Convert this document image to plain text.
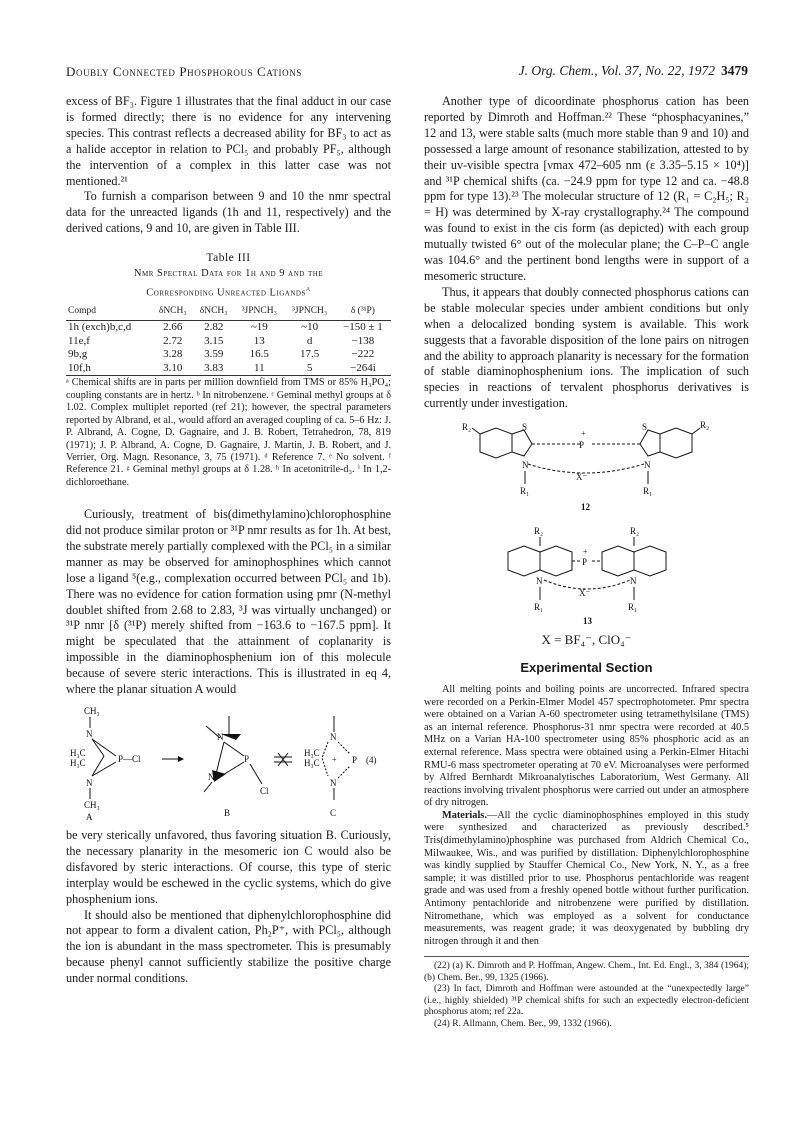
Doubly Connected Phosphorous Cations	J. Org. Chem., Vol. 37, No. 22, 1972 3479

excess of BF₃. Figure 1 illustrates that the final adduct in our case is formed directly; there is no evidence for any intervening species. This contrast reflects a decreased ability for BF₃ to act as a halide acceptor in relation to PCl₅ and probably PF₅, although the intervention of a complex in this latter case was not mentioned.²¹

To furnish a comparison between 9 and 10 the nmr spectral data for the unreacted ligands (1h and 11, respectively) and the derived cations, 9 and 10, are given in Table III.

Table III
Nmr Spectral Data for 1h and 9 and the
Corresponding Unreacted Ligands$^a$
Compd	δNCH₃	δNCH₃	³JPNCH₃	³JPNCH₃	δ (³¹P)
1h (exch)b,c,d	2.66	2.82	~19	~10	−150 ± 1
11e,f	2.72	3.15	13	d	−138
9b,g	3.28	3.59	16.5	17.5	−222
10f,h	3.10	3.83	11	5	−264i

ᵃ Chemical shifts are in parts per million downfield from TMS or 85% H₃PO₄; coupling constants are in hertz. ᵇ In nitrobenzene. ᶜ Geminal methyl groups at δ 1.02. Complex multiplet reported (ref 21); however, the spectral parameters reported by Albrand, et al., would afford an averaged coupling of ca. 5–6 Hz: J. P. Albrand, A. Cogne, D. Gagnaire, and J. B. Robert, Tetrahedron, 78, 819 (1971); J. P. Albrand, A. Cogne, D. Gagnaire, J. Martin, J. B. Robert, and J. Verrier, Org. Magn. Resonance, 3, 75 (1971). ᵈ Reference 7. ᵉ No solvent. ᶠ Reference 21. ᵍ Geminal methyl groups at δ 1.28. ʰ In acetonitrile-d₃. ⁱ In 1,2-dichloroethane.

Curiously, treatment of bis(dimethylamino)chlorophosphine did not produce similar proton or ³¹P nmr results as for 1h. At best, the substrate merely partially complexed with the PCl₅ in a similar manner as may be observed for aminophosphines which cannot lose a ligand ⁵(e.g., complexation occurred between PCl₅ and 1b). There was no evidence for cation formation using pmr (N-methyl doublet shifted from 2.68 to 2.83, ³J was virtually unchanged) or ³¹P nmr [δ (³¹P) merely shifted from −163.6 to −167.5 ppm]. It might be speculated that the attainment of coplanarity is impossible in the diaminophosphenium ion of this molecule because of severe steric interactions. This is illustrated in eq 4, where the planar situation A would

CH₃
N
H₃C
H₃C	P—Cl
N
CH₃
A
N
N
P
Cl
B
N
H₃C
H₃C + P (4)
N
C

be very sterically unfavored, thus favoring situation B. Curiously, the necessary planarity in the mesomeric ion C would also be disfavored by steric interactions. Of course, this type of steric interplay would be eschewed in the cyclic systems, which do give phosphenium ions.

It should also be mentioned that diphenylchlorophosphine did not appear to form a divalent cation, Ph₂P⁺, with PCl₅, although the ion is abundant in the mass spectrometer. This is presumably because phenyl cannot sufficiently stabilize the positive charge under normal conditions.

Another type of dicoordinate phosphorus cation has been reported by Dimroth and Hoffman.²² These “phosphacyanines,” 12 and 13, were stable salts (much more stable than 9 and 10) and possessed a large amount of resonance stabilization, attested to by their uv-visible spectra [νmax 472–605 nm (ε 3.35–5.15 × 10⁴)] and ³¹P chemical shifts (ca. −24.9 ppm for type 12 and ca. −48.8 ppm for type 13).²³ The molecular structure of 12 (R₁ = C₂H₅; R₂ = H) was determined by X-ray crystallography.²⁴ The compound was found to exist in the cis form (as depicted) with each group mutually twisted 6° out of the molecular plane; the C–P–C angle was 104.6° and the pertinent bond lengths were in support of a mesomeric structure.

Thus, it appears that doubly connected phosphorus cations can be stable molecular species under ambient conditions but only when a delocalized bonding system is available. This work suggests that a favorable disposition of the lone pairs on nitrogen and the ability to approach planarity is necessary for the formation of stable diaminophosphenium ions. The implication of such species in reactions of tervalent phosphorus derivatives is currently under investigation.

R₂	S
+
P
S	R₂
N	N
X⁻
R₁	R₁
12
R₂
+
P
R₂
N	N
X⁻
R₁	R₁
13
X = BF₄⁻, ClO₄⁻
Experimental Section

All melting points and boiling points are uncorrected. Infrared spectra were recorded on a Perkin-Elmer Model 457 spectrophotometer. Pmr spectra were obtained on a Varian A-60 spectrometer using tetramethylsilane (TMS) as an internal reference. Phosphorus-31 nmr spectra were recorded at 40.5 MHz on a Varian HA-100 spectrometer using 85% phosphoric acid as an external reference. Mass spectra were obtained using a Perkin-Elmer Hitachi RMU-6 mass spectrometer operating at 70 eV. Microanalyses were performed by Alfred Bernhardt Mikroanalytisches Laboratorium, West Germany. All reactions involving trivalent phosphorus were carried out under an atmosphere of dry nitrogen.

Materials.—All the cyclic diaminophosphines employed in this study were synthesized and characterized as previously described.⁵ Tris(dimethylamino)phosphine was purchased from Aldrich Chemical Co., Milwaukee, Wis., and was purified by distillation. Diphenylchlorophosphine was kindly supplied by Stauffer Chemical Co., New York, N. Y., as a free sample; it was distilled prior to use. Phosphorus pentachloride was reagent grade and was used from a freshly opened bottle without further purification. Antimony pentachloride and nitrobenzene were purified by distillation. Nitromethane, which was employed as a solvent for conductance measurements, was reagent grade; it was deoxygenated by bubbling dry nitrogen through it and then

(22) (a) K. Dimroth and P. Hoffman, Angew. Chem., Int. Ed. Engl., 3, 384 (1964); (b) Chem. Ber., 99, 1325 (1966).

(23) In fact, Dimroth and Hoffman were astounded at the “unexpectedly large” (i.e., highly shielded) ³¹P chemical shifts for such an expectedly electron-deficient phosphorus atom; ref 22a.

(24) R. Allmann, Chem. Ber., 99, 1332 (1966).
